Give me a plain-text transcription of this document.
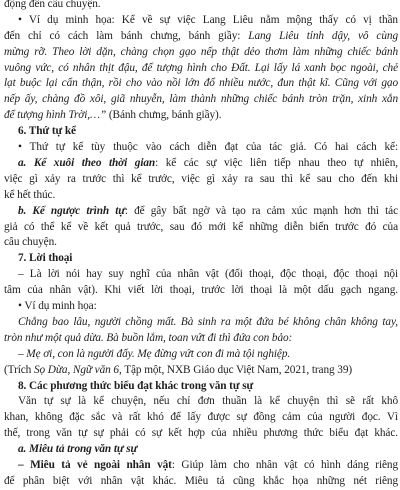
động đến câu chuyện.

• Ví dụ minh họa: Kể về sự việc Lang Liêu nằm mộng thấy có vị thần

đến chỉ có cách làm bánh chưng, bánh giầy: Lang Liêu tỉnh dậy, vô cùng

mừng rỡ. Theo lời dặn, chàng chọn gạo nếp thật dẻo thơm làm những chiếc bánh

vuông vức, có nhân thịt đậu, để tượng hình cho Đất. Lại lấy lá xanh bọc ngoài, chẻ

lạt buộc lại cẩn thận, rồi cho vào nồi lớn đổ nhiều nước, đun thật kĩ. Cũng với gạo

nếp ấy, chàng đồ xôi, giã nhuyễn, làm thành những chiếc bánh tròn trặn, xinh xắn

để tượng hình Trời,…” (Bánh chưng, bánh giầy).

6. Thứ tự kể

• Thứ tự kể tùy thuộc vào cách diễn đạt của tác giả. Có hai cách kể:

a. Kể xuôi theo thời gian: kể các sự việc liên tiếp nhau theo tự nhiên,

việc gì xảy ra trước thì kể trước, việc gì xảy ra sau thì kể sau cho đến khi

kể hết thúc.

b. Kể ngược trình tự: để gây bất ngờ và tạo ra cảm xúc mạnh hơn thì tác

giả có thể kể về kết quả trước, sau đó mới kể những diễn biến trước đó của

câu chuyện.

7. Lời thoại

– Là lời nói hay suy nghĩ của nhân vật (đối thoại, độc thoại, độc thoại nội

tâm của nhân vật). Khi viết lời thoại, trước lời thoại là một dấu gạch ngang.

• Ví dụ minh họa:

Chẳng bao lâu, người chồng mất. Bà sinh ra một đứa bé không chân không tay,

tròn như một quả dừa. Bà buồn lắm, toan vứt đi thì đứa con bảo:

– Mẹ ơi, con là người đấy. Mẹ đừng vứt con đi mà tội nghiệp.

(Trích Sọ Dừa, Ngữ văn 6, Tập một, NXB Giáo dục Việt Nam, 2021, trang 39)

8. Các phương thức biểu đạt khác trong văn tự sự

Văn tự sự là kể chuyện, nếu chỉ đơn thuần là kể chuyện thì sẽ rất khô

khan, không đặc sắc và rất khó để lấy được sự đồng cảm của người đọc. Vì

thế, trong văn tự sự phải có sự kết hợp của nhiều phương thức biểu đạt khác.

a. Miêu tả trong văn tự sự

– Miêu tả vẻ ngoài nhân vật: Giúp làm cho nhân vật có hình dáng riêng

để phân biệt với nhân vật khác. Miêu tả cũng khắc họa những nét riêng
